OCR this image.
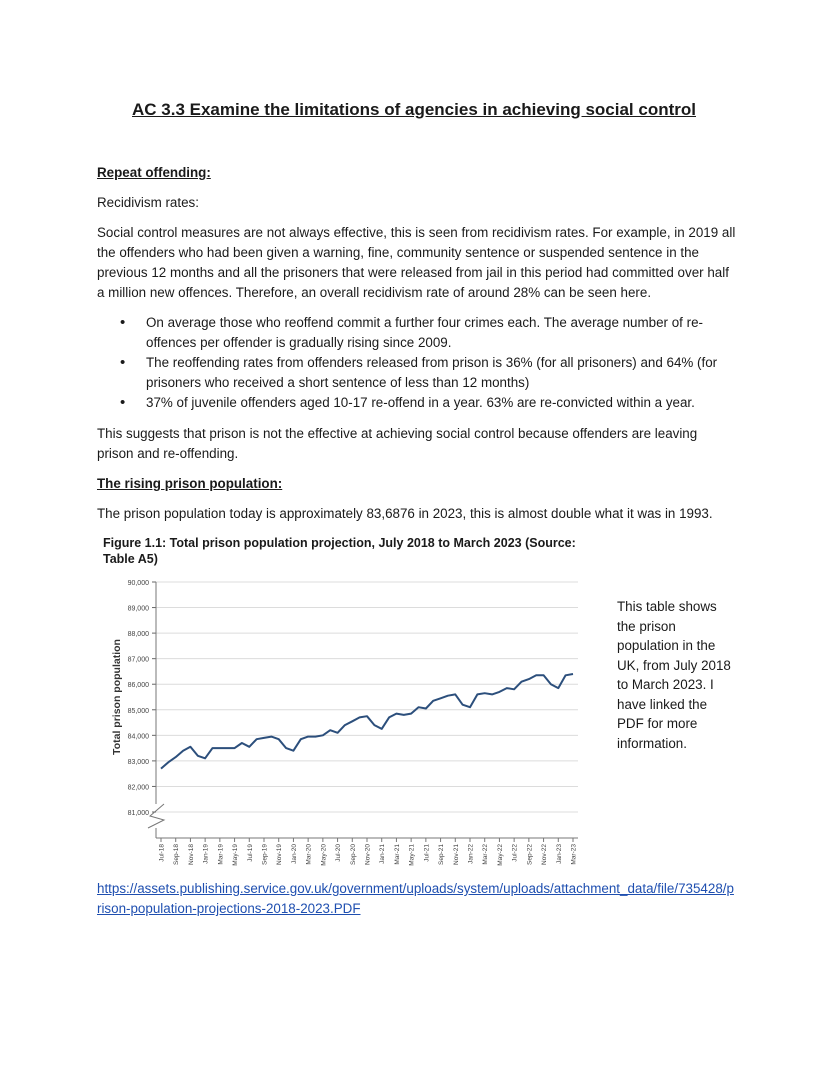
AC 3.3 Examine the limitations of agencies in achieving social control
Repeat offending:
Recidivism rates:
Social control measures are not always effective, this is seen from recidivism rates. For example, in 2019 all the offenders who had been given a warning, fine, community sentence or suspended sentence in the previous 12 months and all the prisoners that were released from jail in this period had committed over half a million new offences. Therefore, an overall recidivism rate of around 28% can be seen here.
• On average those who reoffend commit a further four crimes each. The average number of re-offences per offender is gradually rising since 2009.
• The reoffending rates from offenders released from prison is 36% (for all prisoners) and 64% (for prisoners who received a short sentence of less than 12 months)
• 37% of juvenile offenders aged 10-17 re-offend in a year. 63% are re-convicted within a year.
This suggests that prison is not the effective at achieving social control because offenders are leaving prison and re-offending.
The rising prison population:
The prison population today is approximately 83,6876 in 2023, this is almost double what it was in 1993.
Figure 1.1: Total prison population projection, July 2018 to March 2023 (Source: Table A5)
81,000
82,000
83,000
84,000
85,000
86,000
87,000
88,000
89,000
90,000
Jul-18 Sep-18 Nov-18 Jan-19 Mar-19 May-19 Jul-19 Sep-19 Nov-19 Jan-20 Mar-20 May-20 Jul-20 Sep-20 Nov-20 Jan-21 Mar-21 May-21 Jul-21 Sep-21 Nov-21 Jan-22 Mar-22 May-22 Jul-22 Sep-22 Nov-22 Jan-23 Mar-23
Total prison population
This table shows the prison population in the UK, from July 2018 to March 2023. I have linked the PDF for more information.
https://assets.publishing.service.gov.uk/government/uploads/system/uploads/attachment_data/file/735428/prison-population-projections-2018-2023.PDF
